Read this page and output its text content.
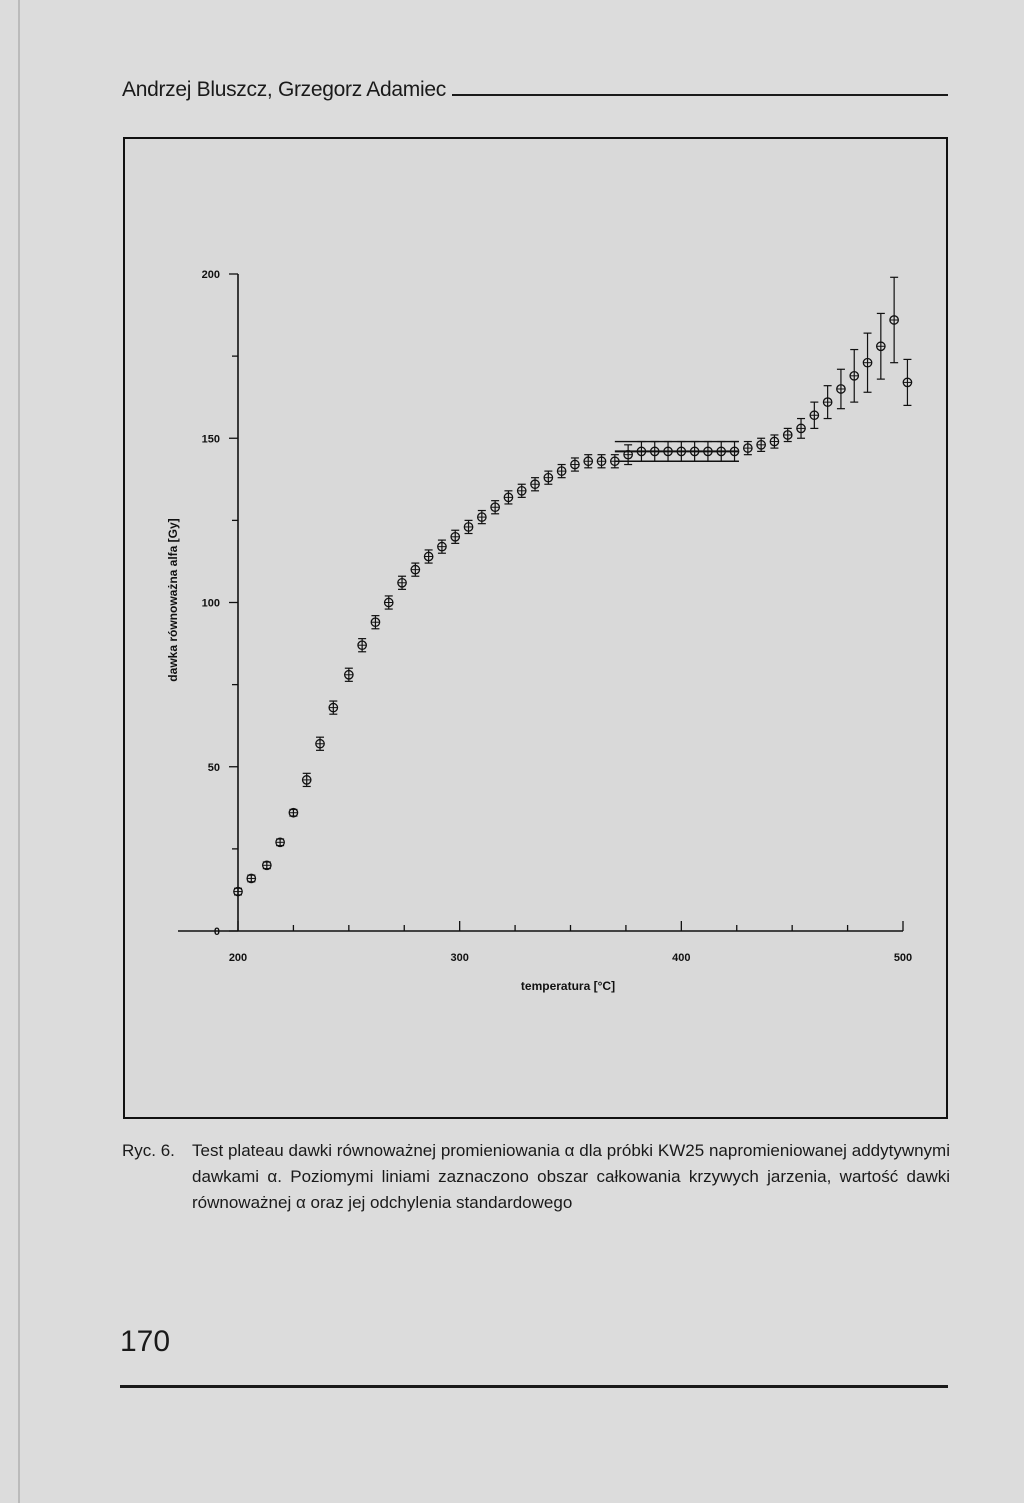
Andrzej Bluszcz, Grzegorz Adamiec
0
50
100
150
200
200	300	400	500
temperatura [°C]
dawka równoważna alfa [Gy]
Ryc. 6. Test plateau dawki równoważnej promieniowania α dla próbki KW25 napromieniowanej addytywnymi dawkami α. Poziomymi liniami zaznaczono obszar całkowania krzywych jarzenia, wartość dawki równoważnej α oraz jej odchylenia standardowego
170
